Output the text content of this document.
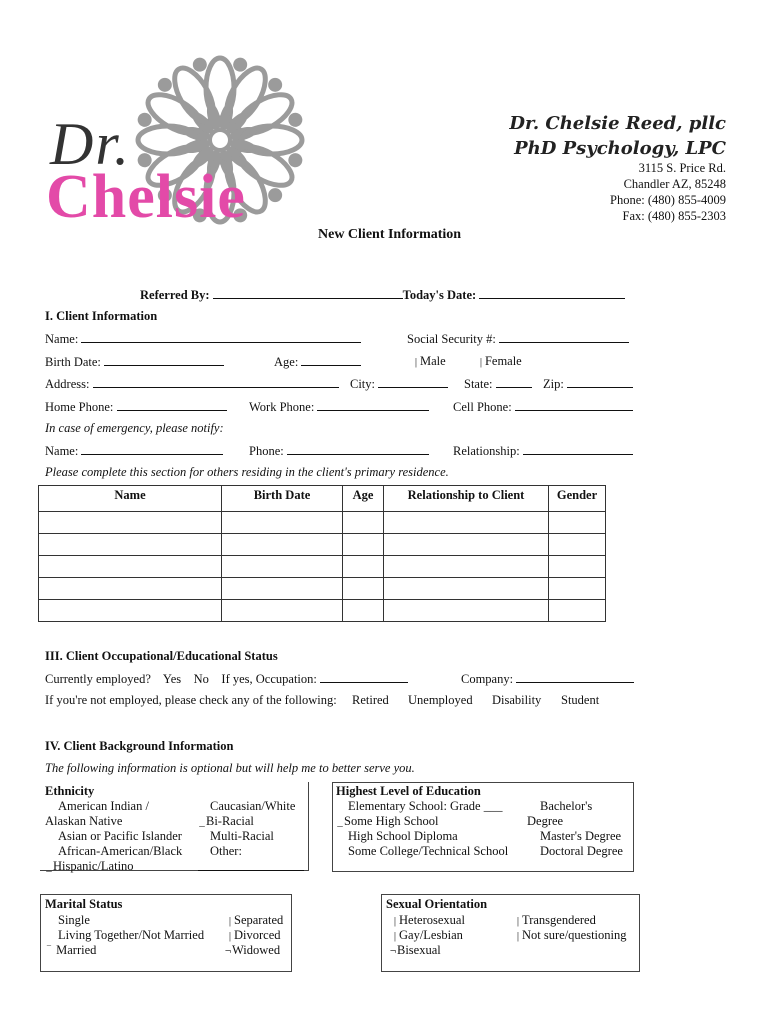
Dr.
Chelsie
Dr. Chelsie Reed, pllc
PhD Psychology, LPC
3115 S. Price Rd.
Chandler AZ, 85248
Phone: (480) 855-4009
Fax: (480) 855-2303
New Client Information
Referred By:	Today's Date:
I. Client Information
Name:	Social Security #:
Birth Date:	Age:	| Male	| Female
Address:	City:	State:	Zip:
Home Phone:	Work Phone:	Cell Phone:
In case of emergency, please notify:
Name:	Phone:	Relationship:
Please complete this section for others residing in the client's primary residence.
Name	Birth Date	Age	Relationship to Client	Gender

III. Client Occupational/Educational Status
Currently employed? Yes No If yes, Occupation:	Company:
If you're not employed, please check any of the following: Retired Unemployed Disability Student
IV. Client Background Information
The following information is optional but will help me to better serve you.
Ethnicity
American Indian /
Alaskan Native
Asian or Pacific Islander
African-American/Black
_Hispanic/Latino
Caucasian/White
_Bi-Racial
Multi-Racial
Other:
Highest Level of Education
Elementary School: Grade ___
_Some High School
High School Diploma
Some College/Technical School
Bachelor's
Degree
Master's Degree
Doctoral Degree
Marital Status
Single
Living Together/Not Married
‾ Married
| Separated
| Divorced
¬Widowed
Sexual Orientation
| Heterosexual
| Gay/Lesbian
¬Bisexual
| Transgendered
| Not sure/questioning
